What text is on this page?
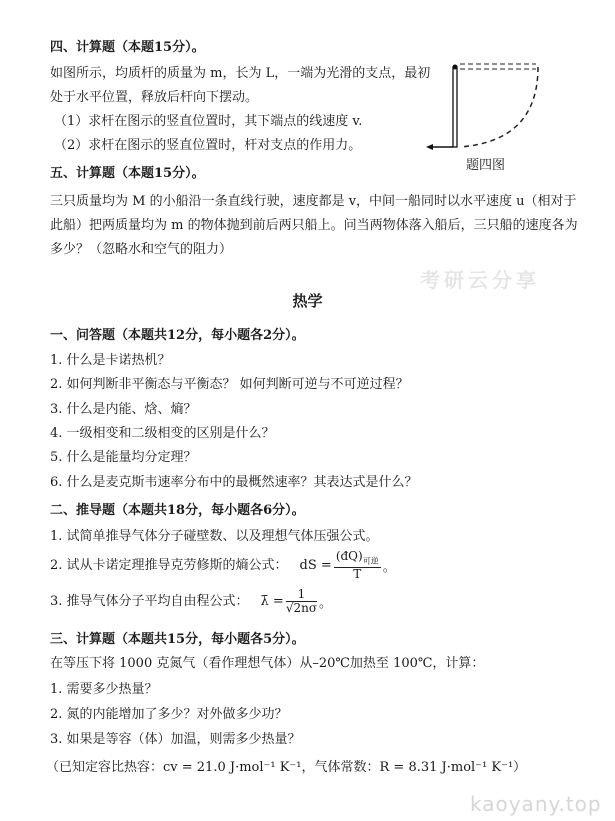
考研云分享
kaoyany.top
四、计算题（本题15分）。
如图所示，均质杆的质量为 m，长为 L，一端为光滑的支点，最初
处于水平位置，释放后杆向下摆动。
（1）求杆在图示的竖直位置时，其下端点的线速度 v.
（2）求杆在图示的竖直位置时，杆对支点的作用力。
题四图
五、计算题（本题15分）。
三只质量均为 M 的小船沿一条直线行驶，速度都是 v，中间一船同时以水平速度 u（相对于
此船）把两质量均为 m 的物体抛到前后两只船上。问当两物体落入船后，三只船的速度各为
多少？（忽略水和空气的阻力）
热学
一、问答题（本题共12分，每小题各2分）。
1. 什么是卡诺热机？
2. 如何判断非平衡态与平衡态？ 如何判断可逆与不可逆过程？
3. 什么是内能、焓、熵？
4. 一级相变和二级相变的区别是什么？
5. 什么是能量均分定理？
6. 什么是麦克斯韦速率分布中的最概然速率？其表达式是什么？
二、推导题（本题共18分，每小题各6分）。
1. 试简单推导气体分子碰壁数、以及理想气体压强公式。
2. 试从卡诺定理推导克劳修斯的熵公式： dS = $\frac{(đQ)_{可逆}}{T}$ 。
3. 推导气体分子平均自由程公式： λ̄ = $\frac{1}{√2n\sigma}$ 。
三、计算题（本题共15分，每小题各5分）。
在等压下将 1000 克氮气（看作理想气体）从–20℃加热至 100℃，计算：
1. 需要多少热量？
2. 氮的内能增加了多少？对外做多少功？
3. 如果是等容（体）加温，则需多少热量？
（已知定容比热容：cv = 21.0 J·mol⁻¹ K⁻¹，气体常数：R = 8.31 J·mol⁻¹ K⁻¹）
